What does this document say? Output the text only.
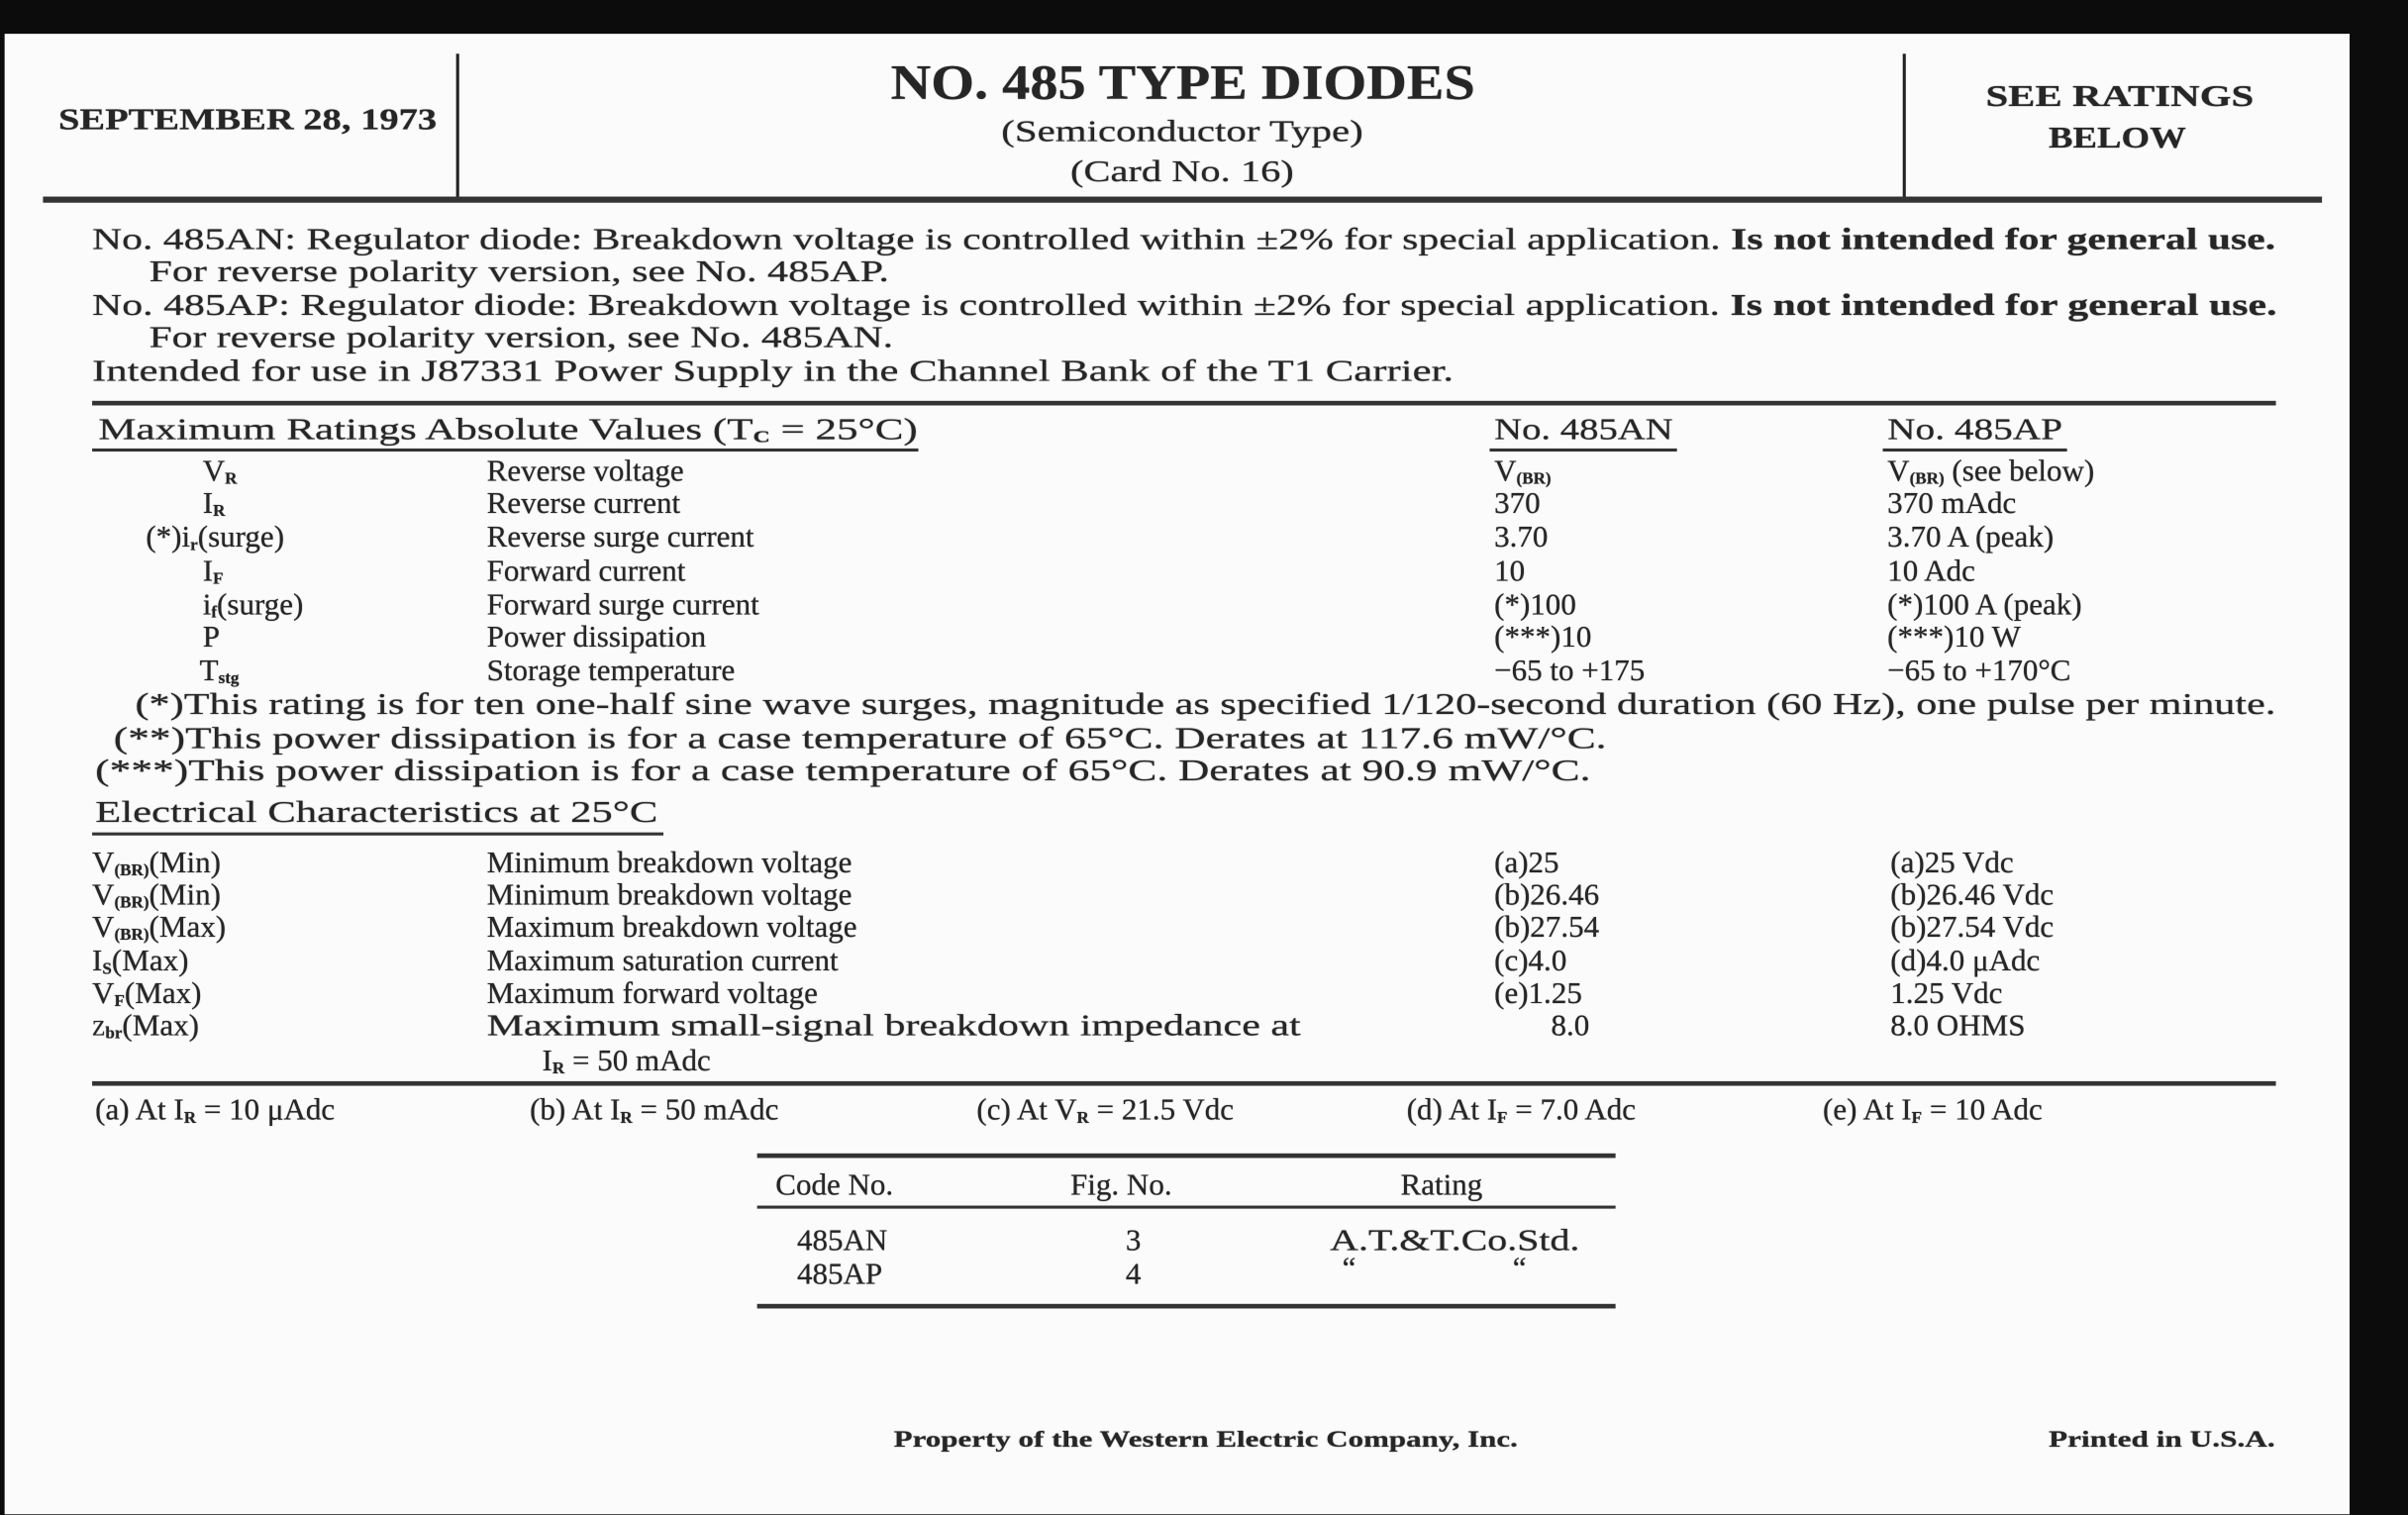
SEPTEMBER 28, 1973
NO. 485 TYPE DIODES
(Semiconductor Type)
(Card No. 16)
SEE RATINGS
BELOW
No. 485AN: Regulator diode: Breakdown voltage is controlled within ±2% for special application. Is not intended for general use.
For reverse polarity version, see No. 485AP.
No. 485AP: Regulator diode: Breakdown voltage is controlled within ±2% for special application. Is not intended for general use.
For reverse polarity version, see No. 485AN.
Intended for use in J87331 Power Supply in the Channel Bank of the T1 Carrier.
Maximum Ratings Absolute Values (TC = 25°C)	No. 485AN	No. 485AP
VR	Reverse voltage	V(BR)	V(BR) (see below)
IR	Reverse current	370	370 mAdc
(*)ir(surge)	Reverse surge current	3.70	3.70 A (peak)
IF	Forward current	10	10 Adc
if(surge)	Forward surge current	(*)100	(*)100 A (peak)
P	Power dissipation	(***)10	(***)10 W
Tstg	Storage temperature	−65 to +175	−65 to +170°C
(*)This rating is for ten one-half sine wave surges, magnitude as specified 1/120-second duration (60 Hz), one pulse per minute.
(**)This power dissipation is for a case temperature of 65°C. Derates at 117.6 mW/°C.
(***)This power dissipation is for a case temperature of 65°C. Derates at 90.9 mW/°C.
Electrical Characteristics at 25°C
V(BR)(Min)	Minimum breakdown voltage	(a)25	(a)25 Vdc
V(BR)(Min)	Minimum breakdown voltage	(b)26.46	(b)26.46 Vdc
V(BR)(Max)	Maximum breakdown voltage	(b)27.54	(b)27.54 Vdc
IS(Max)	Maximum saturation current	(c)4.0	(d)4.0 μAdc
VF(Max)	Maximum forward voltage	(e)1.25	1.25 Vdc
Zbr(Max)	Maximum small-signal breakdown impedance at	8.0	8.0 OHMS
IR = 50 mAdc
(a) At IR = 10 μAdc	(b) At IR = 50 mAdc	(c) At VR = 21.5 Vdc	(d) At IF = 7.0 Adc	(e) At IF = 10 Adc
Code No.	Fig. No.	Rating
485AN	3	A.T.&T.Co.Std.
485AP	4	“	“
Property of the Western Electric Company, Inc.	Printed in U.S.A.
